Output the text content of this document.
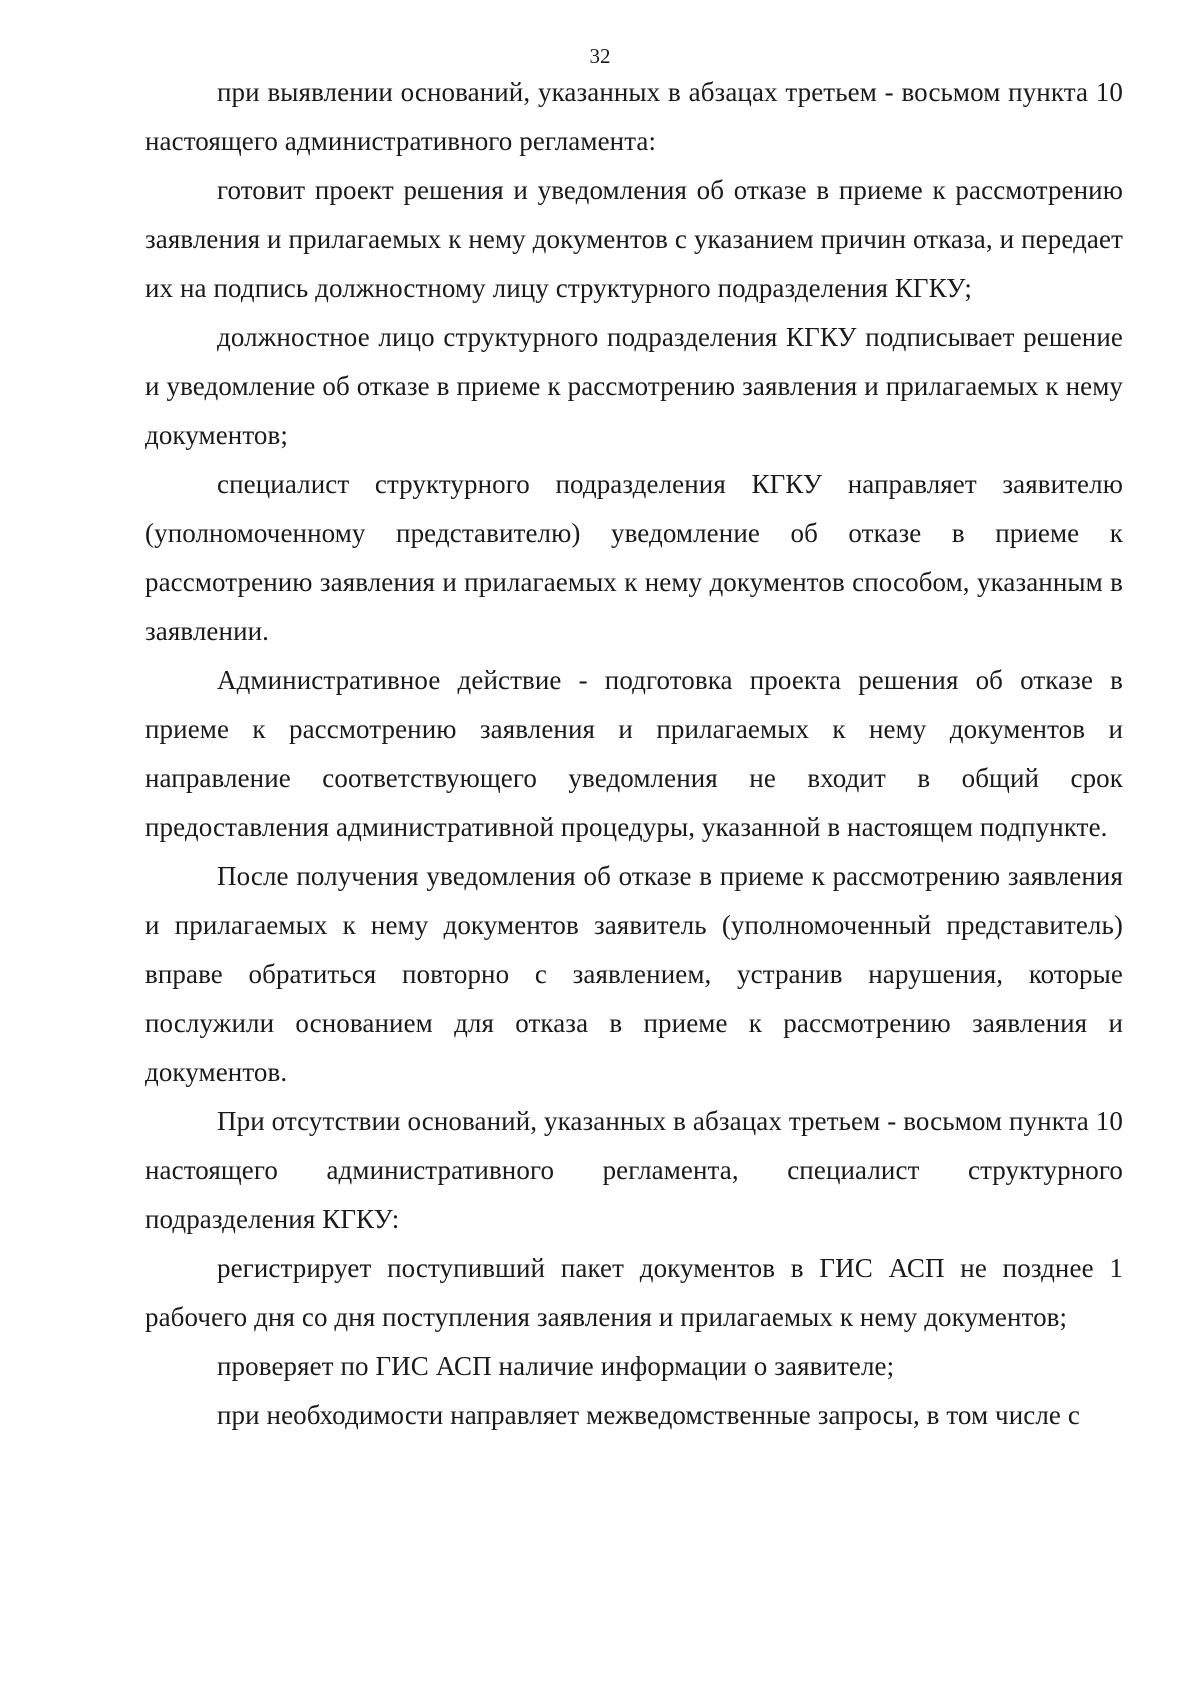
32

при выявлении оснований, указанных в абзацах третьем - восьмом пункта 10 настоящего административного регламента:

готовит проект решения и уведомления об отказе в приеме к рассмотрению заявления и прилагаемых к нему документов с указанием причин отказа, и передает их на подпись должностному лицу структурного подразделения КГКУ;

должностное лицо структурного подразделения КГКУ подписывает решение и уведомление об отказе в приеме к рассмотрению заявления и прилагаемых к нему документов;

специалист структурного подразделения КГКУ направляет заявителю (уполномоченному представителю) уведомление об отказе в приеме к рассмотрению заявления и прилагаемых к нему документов способом, указанным в заявлении.

Административное действие - подготовка проекта решения об отказе в приеме к рассмотрению заявления и прилагаемых к нему документов и направление соответствующего уведомления не входит в общий срок предоставления административной процедуры, указанной в настоящем подпункте.

После получения уведомления об отказе в приеме к рассмотрению заявления и прилагаемых к нему документов заявитель (уполномоченный представитель) вправе обратиться повторно с заявлением, устранив нарушения, которые послужили основанием для отказа в приеме к рассмотрению заявления и документов.

При отсутствии оснований, указанных в абзацах третьем - восьмом пункта 10 настоящего административного регламента, специалист структурного подразделения КГКУ:

регистрирует поступивший пакет документов в ГИС АСП не позднее 1 рабочего дня со дня поступления заявления и прилагаемых к нему документов;

проверяет по ГИС АСП наличие информации о заявителе;

при необходимости направляет межведомственные запросы, в том числе с
